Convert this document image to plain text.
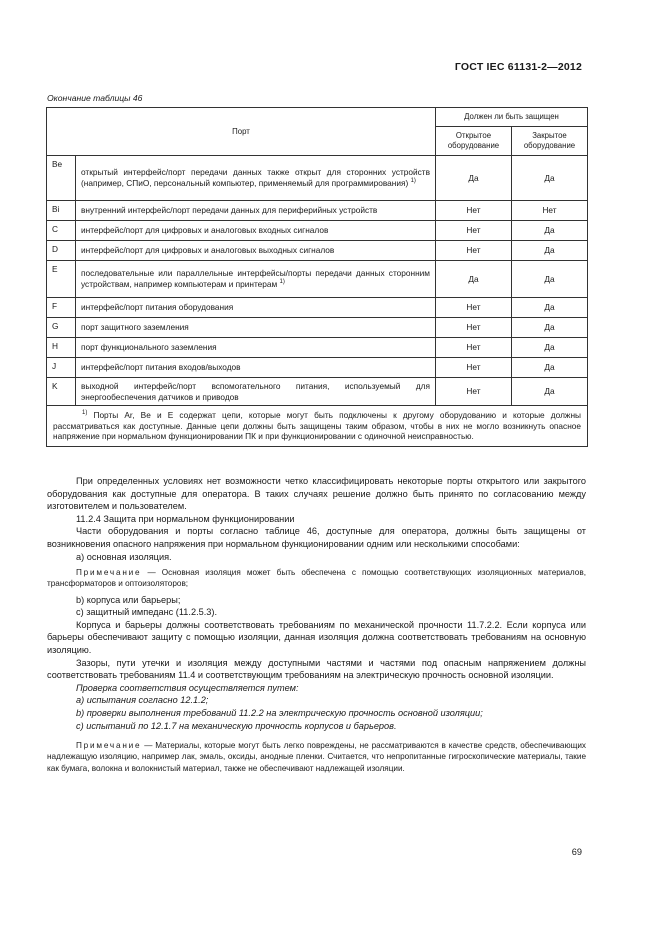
ГОСТ IEC 61131-2—2012
Окончание таблицы 46
Порт		Должен ли быть защищен	
		Открытое оборудование	Закрытое оборудование
Be	открытый интерфейс/порт передачи данных также открыт для сторонних устройств (например, СПиО, персональный компьютер, применяемый для программирования) $^{1)}$	Да	Да
Bi	внутренний интерфейс/порт передачи данных для периферийных устройств	Нет	Нет
C	интерфейс/порт для цифровых и аналоговых входных сигналов	Нет	Да
D	интерфейс/порт для цифровых и аналоговых выходных сигналов	Нет	Да
E	последовательные или параллельные интерфейсы/порты передачи данных сторонним устройствам, например компьютерам и принтерам $^{1)}$	Да	Да
F	интерфейс/порт питания оборудования	Нет	Да
G	порт защитного заземления	Нет	Да
H	порт функционального заземления	Нет	Да
J	интерфейс/порт питания входов/выходов	Нет	Да
K	выходной интерфейс/порт вспомогательного питания, используемый для энергообеспечения датчиков и приводов	Нет	Да
$^{1)}$ Порты Ar, Be и E содержат цепи, которые могут быть подключены к другому оборудованию и которые должны рассматриваться как доступные. Данные цепи должны быть защищены таким образом, чтобы в них не могло возникнуть опасное напряжение при нормальном функционировании ПК и при функционировании с одиночной неисправностью.			

При определенных условиях нет возможности четко классифицировать некоторые порты открытого или закрытого оборудования как доступные для оператора. В таких случаях решение должно быть принято по согласованию между изготовителем и пользователем.

11.2.4 Защита при нормальном функционировании

Части оборудования и порты согласно таблице 46, доступные для оператора, должны быть защищены от возникновения опасного напряжения при нормальном функционировании одним или несколькими способами:

а) основная изоляция.

Примечание — Основная изоляция может быть обеспечена с помощью соответствующих изоляционных материалов, трансформаторов и оптоизоляторов;

b) корпуса или барьеры;

c) защитный импеданс (11.2.5.3).

Корпуса и барьеры должны соответствовать требованиям по механической прочности 11.7.2.2. Если корпуса или барьеры обеспечивают защиту с помощью изоляции, данная изоляция должна соответствовать требованиям на основную изоляцию.

Зазоры, пути утечки и изоляция между доступными частями и частями под опасным напряжением должны соответствовать требованиям 11.4 и соответствующим требованиям на электрическую прочность основной изоляции.

Проверка соответствия осуществляется путем:

а) испытания согласно 12.1.2;

b) проверки выполнения требований 11.2.2 на электрическую прочность основной изоляции;

c) испытаний по 12.1.7 на механическую прочность корпусов и барьеров.

Примечание — Материалы, которые могут быть легко повреждены, не рассматриваются в качестве средств, обеспечивающих надлежащую изоляцию, например лак, эмаль, оксиды, анодные пленки. Считается, что непропитанные гигроскопические материалы, такие как бумага, волокна и волокнистый материал, также не обеспечивают надлежащей изоляции.

69
